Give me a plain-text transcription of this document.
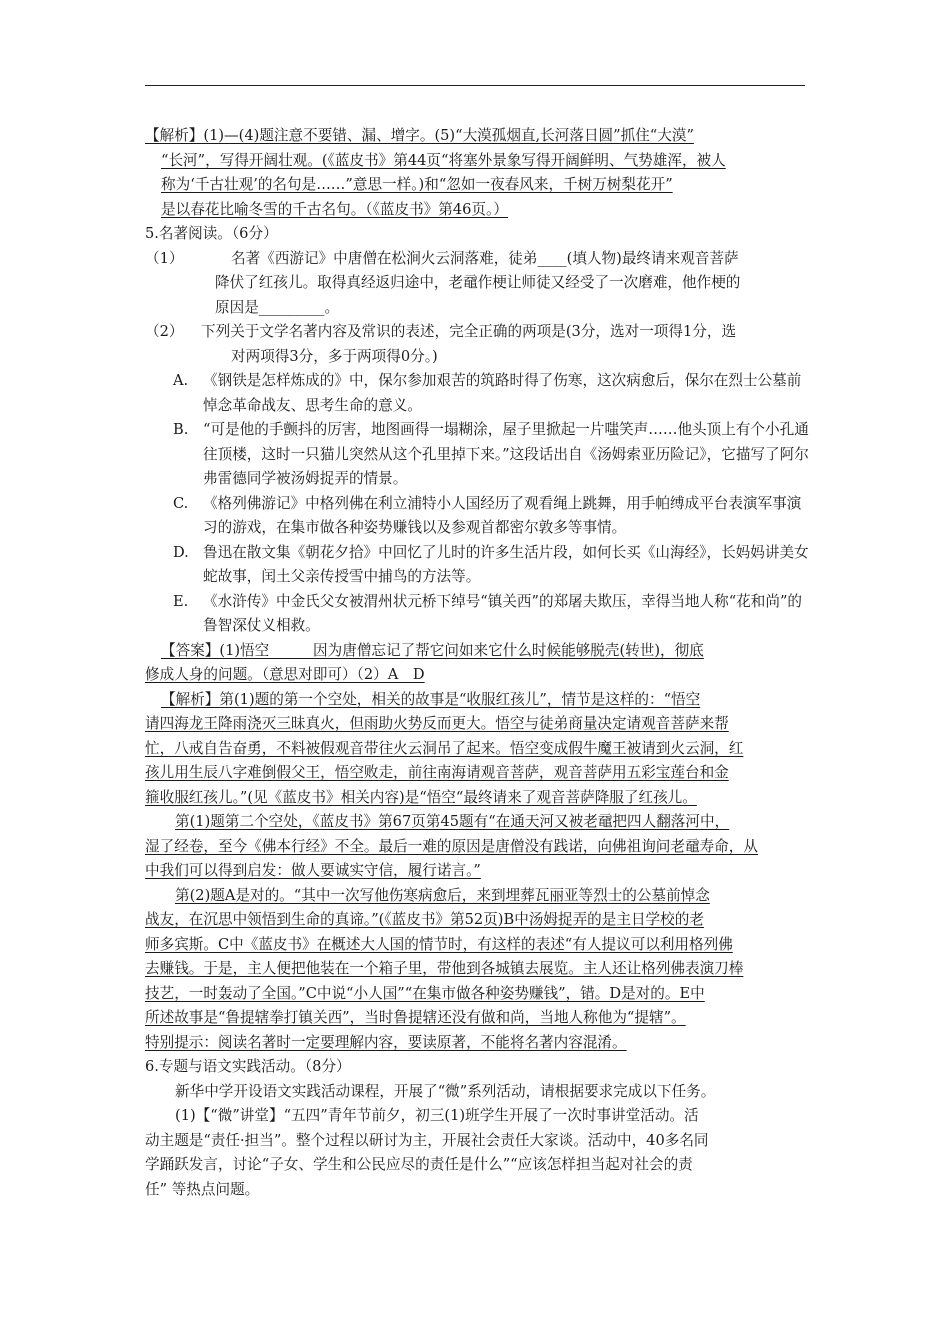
【解析】(1)—(4)题注意不要错、漏、增字。(5)“大漠孤烟直,长河落日圆”抓住“大漠”

“长河”，写得开阔壮观。(《蓝皮书》第44页“将塞外景象写得开阔鲜明、气势雄浑，被人

称为‘千古壮观’的名句是……”意思一样。)和“忽如一夜春风来，千树万树梨花开”

是以春花比喻冬雪的千古名句。（《蓝皮书》第46页。）

5.名著阅读。（6分）

（1）	名著《西游记》中唐僧在松涧火云洞落难，徒弟____(填人物)最终请来观音菩萨

降伏了红孩儿。取得真经返归途中，老黿作梗让师徒又经受了一次磨难，他作梗的

原因是_________。

（2）	下列关于文学名著内容及常识的表述，完全正确的两项是(3分，选对一项得1分，选

对两项得3分，多于两项得0分。)

A.	《钢铁是怎样炼成的》中，保尔参加艰苦的筑路时得了伤寒，这次病愈后，保尔在烈士公墓前悼念革命战友、思考生命的意义。
B.	“可是他的手颤抖的厉害，地图画得一塌糊涂，屋子里掀起一片嗤笑声……他头顶上有个小孔通往顶楼，这时一只猫儿突然从这个孔里掉下来。”这段话出自《汤姆索亚历险记》，它描写了阿尔弗雷德同学被汤姆捉弄的情景。
C.	《格列佛游记》中格列佛在利立浦特小人国经历了观看绳上跳舞，用手帕缚成平台表演军事演习的游戏，在集市做各种姿势赚钱以及参观首都密尔敦多等事情。
D. 鲁迅在散文集《朝花夕拾》中回忆了儿时的许多生活片段，如何长买《山海经》，长妈妈讲美女蛇故事，闰土父亲传授雪中捕鸟的方法等。
E.	《水浒传》中金氏父女被渭州状元桥下绰号“镇关西”的郑屠夫欺压，幸得当地人称“花和尚”的鲁智深仗义相救。

【答案】(1)悟空　　　因为唐僧忘记了帮它问如来它什么时候能够脱壳(转世)，彻底

修成人身的问题。（意思对即可）（2）A　D

【解析】第(1)题的第一个空处，相关的故事是“收服红孩儿”，情节是这样的：“悟空

请四海龙王降雨浇灭三昧真火，但雨助火势反而更大。悟空与徒弟商量决定请观音菩萨来帮

忙，八戒自告奋勇，不料被假观音带往火云洞吊了起来。悟空变成假牛魔王被请到火云洞，红

孩儿用生辰八字难倒假父王，悟空败走，前往南海请观音菩萨，观音菩萨用五彩宝莲台和金

箍收服红孩儿。”(见《蓝皮书》相关内容)是“悟空“最终请来了观音菩萨降服了红孩儿。

第(1)题第二个空处，《蓝皮书》第67页第45题有“在通天河又被老黿把四人翻落河中，

湿了经卷，至今《佛本行经》不全。最后一难的原因是唐僧没有践诺，向佛祖询问老黿寿命，从

中我们可以得到启发：做人要诚实守信，履行诺言。”

第(2)题A是对的。“其中一次写他伤寒病愈后，来到埋葬瓦丽亚等烈士的公墓前悼念

战友，在沉思中领悟到生命的真谛。”(《蓝皮书》第52页)B中汤姆捉弄的是主日学校的老

师多宾斯。C中《蓝皮书》在概述大人国的情节时，有这样的表述“有人提议可以利用格列佛

去赚钱。于是，主人便把他装在一个箱子里，带他到各城镇去展览。主人还让格列佛表演刀棒

技艺，一时轰动了全国。”C中说“小人国”“在集市做各种姿势赚钱”，错。D是对的。E中

所述故事是“鲁提辖拳打镇关西”，当时鲁提辖还没有做和尚，当地人称他为“提辖”。

特别提示：阅读名著时一定要理解内容，要读原著，不能将名著内容混淆。

6.专题与语文实践活动。（8分）

新华中学开设语文实践活动课程，开展了“微”系列活动，请根据要求完成以下任务。

(1)【“微”讲堂】“五四”青年节前夕，初三(1)班学生开展了一次时事讲堂活动。活

动主题是“责任·担当”。整个过程以研讨为主，开展社会责任大家谈。活动中，40多名同

学踊跃发言，讨论“子女、学生和公民应尽的责任是什么”“应该怎样担当起对社会的责

任” 等热点问题。
